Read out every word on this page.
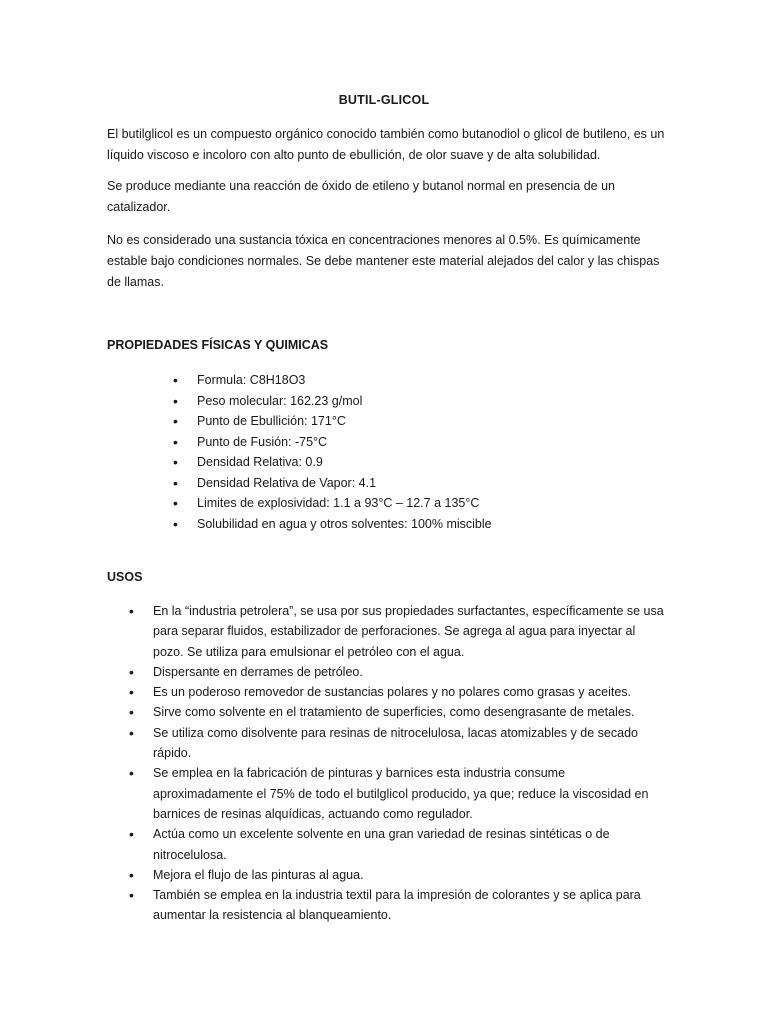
BUTIL-GLICOL

El butilglicol es un compuesto orgánico conocido también como butanodiol o glicol de butileno, es un líquido viscoso e incoloro con alto punto de ebullición, de olor suave y de alta solubilidad.

Se produce mediante una reacción de óxido de etileno y butanol normal en presencia de un catalizador.

No es considerado una sustancia tóxica en concentraciones menores al 0.5%. Es químicamente estable bajo condiciones normales. Se debe mantener este material alejados del calor y las chispas de llamas.

PROPIEDADES FÍSICAS Y QUIMICAS
• Formula: C8H18O3
• Peso molecular: 162.23 g/mol
• Punto de Ebullición: 171°C
• Punto de Fusión: -75°C
• Densidad Relativa: 0.9
• Densidad Relativa de Vapor: 4.1
• Limites de explosividad: 1.1 a 93°C – 12.7 a 135°C
• Solubilidad en agua y otros solventes: 100% miscible
USOS
• En la “industria petrolera”, se usa por sus propiedades surfactantes, específicamente se usa para separar fluidos, estabilizador de perforaciones. Se agrega al agua para inyectar al pozo. Se utiliza para emulsionar el petróleo con el agua.
• Dispersante en derrames de petróleo.
• Es un poderoso removedor de sustancias polares y no polares como grasas y aceites.
• Sirve como solvente en el tratamiento de superficies, como desengrasante de metales.
• Se utiliza como disolvente para resinas de nitrocelulosa, lacas atomizables y de secado rápido.
• Se emplea en la fabricación de pinturas y barnices esta industria consume aproximadamente el 75% de todo el butilglicol producido, ya que; reduce la viscosidad en barnices de resinas alquídicas, actuando como regulador.
• Actúa como un excelente solvente en una gran variedad de resinas sintéticas o de nitrocelulosa.
• Mejora el flujo de las pinturas al agua.
• También se emplea en la industria textil para la impresión de colorantes y se aplica para aumentar la resistencia al blanqueamiento.
